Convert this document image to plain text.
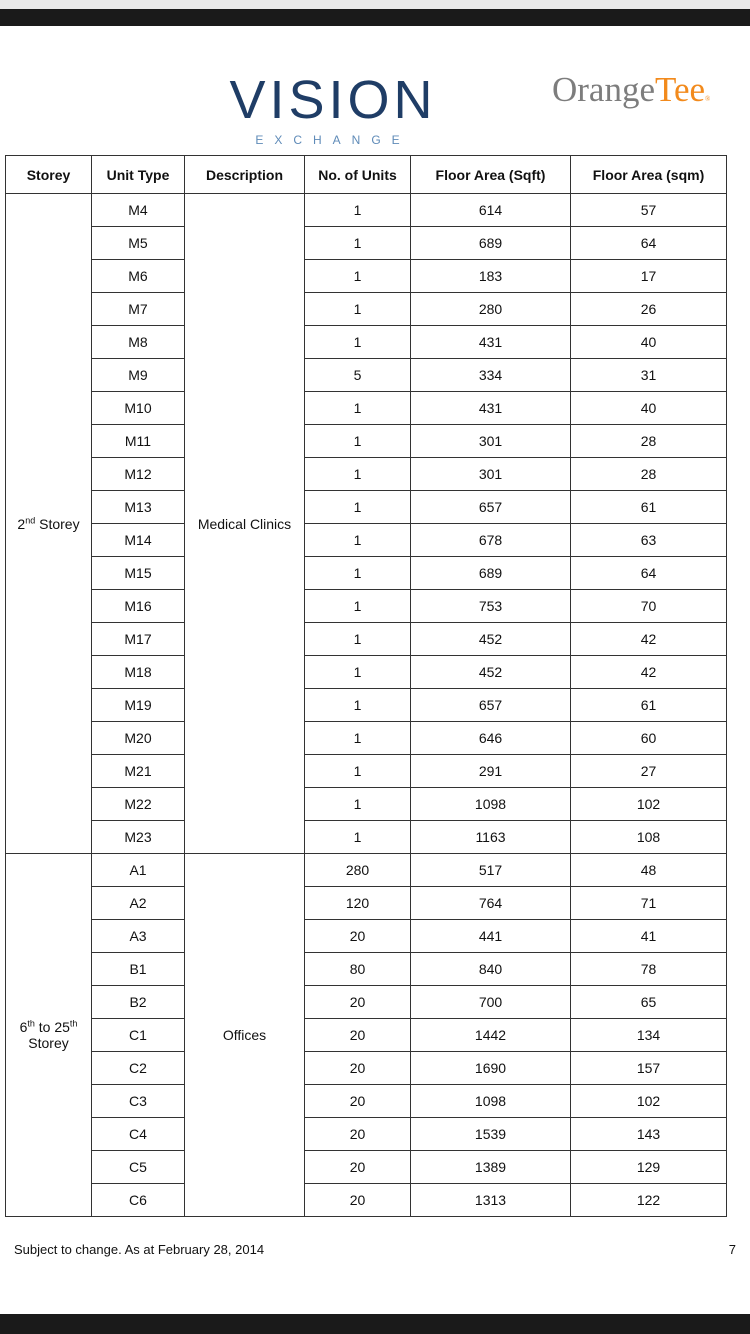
VISION
EXCHANGE
OrangeTee®
Storey	Unit Type	Description	No. of Units	Floor Area (Sqft)	Floor Area (sqm)
2nd Storey	M4	Medical Clinics	1	614	57
	M5		1	689	64
	M6		1	183	17
	M7		1	280	26
	M8		1	431	40
	M9		5	334	31
	M10		1	431	40
	M11		1	301	28
	M12		1	301	28
	M13		1	657	61
	M14		1	678	63
	M15		1	689	64
	M16		1	753	70
	M17		1	452	42
	M18		1	452	42
	M19		1	657	61
	M20		1	646	60
	M21		1	291	27
	M22		1	1098	102
	M23		1	1163	108
6th to 25th
Storey	A1	Offices	280	517	48
	A2		120	764	71
	A3		20	441	41
	B1		80	840	78
	B2		20	700	65
	C1		20	1442	134
	C2		20	1690	157
	C3		20	1098	102
	C4		20	1539	143
	C5		20	1389	129
	C6		20	1313	122
Subject to change. As at February 28, 2014	7
